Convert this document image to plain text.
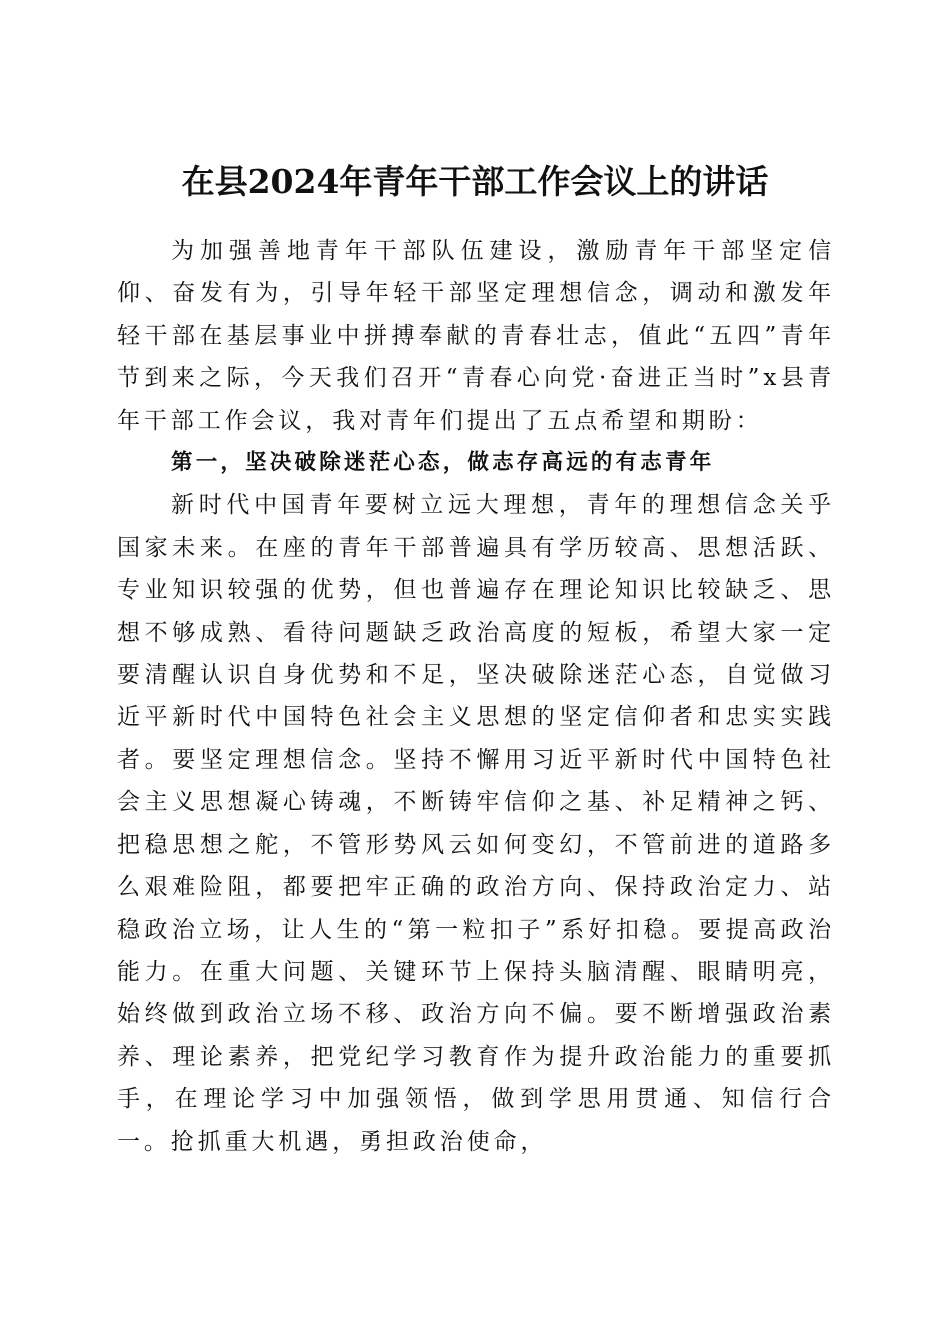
在县2024年青年干部工作会议上的讲话

为加强善地青年干部队伍建设，激励青年干部坚定信仰、奋发有为，引导年轻干部坚定理想信念，调动和激发年轻干部在基层事业中拼搏奉献的青春壮志，值此“五四”青年节到来之际，今天我们召开“青春心向党·奋进正当时”x县青年干部工作会议，我对青年们提出了五点希望和期盼：

第一，坚决破除迷茫心态，做志存高远的有志青年

新时代中国青年要树立远大理想，青年的理想信念关乎国家未来。在座的青年干部普遍具有学历较高、思想活跃、专业知识较强的优势，但也普遍存在理论知识比较缺乏、思想不够成熟、看待问题缺乏政治高度的短板，希望大家一定要清醒认识自身优势和不足，坚决破除迷茫心态，自觉做习近平新时代中国特色社会主义思想的坚定信仰者和忠实实践者。要坚定理想信念。坚持不懈用习近平新时代中国特色社会主义思想凝心铸魂，不断铸牢信仰之基、补足精神之钙、把稳思想之舵，不管形势风云如何变幻，不管前进的道路多么艰难险阻，都要把牢正确的政治方向、保持政治定力、站稳政治立场，让人生的“第一粒扣子”系好扣稳。要提高政治能力。在重大问题、关键环节上保持头脑清醒、眼睛明亮，始终做到政治立场不移、政治方向不偏。要不断增强政治素养、理论素养，把党纪学习教育作为提升政治能力的重要抓手，在理论学习中加强领悟，做到学思用贯通、知信行合一。抢抓重大机遇，勇担政治使命，
